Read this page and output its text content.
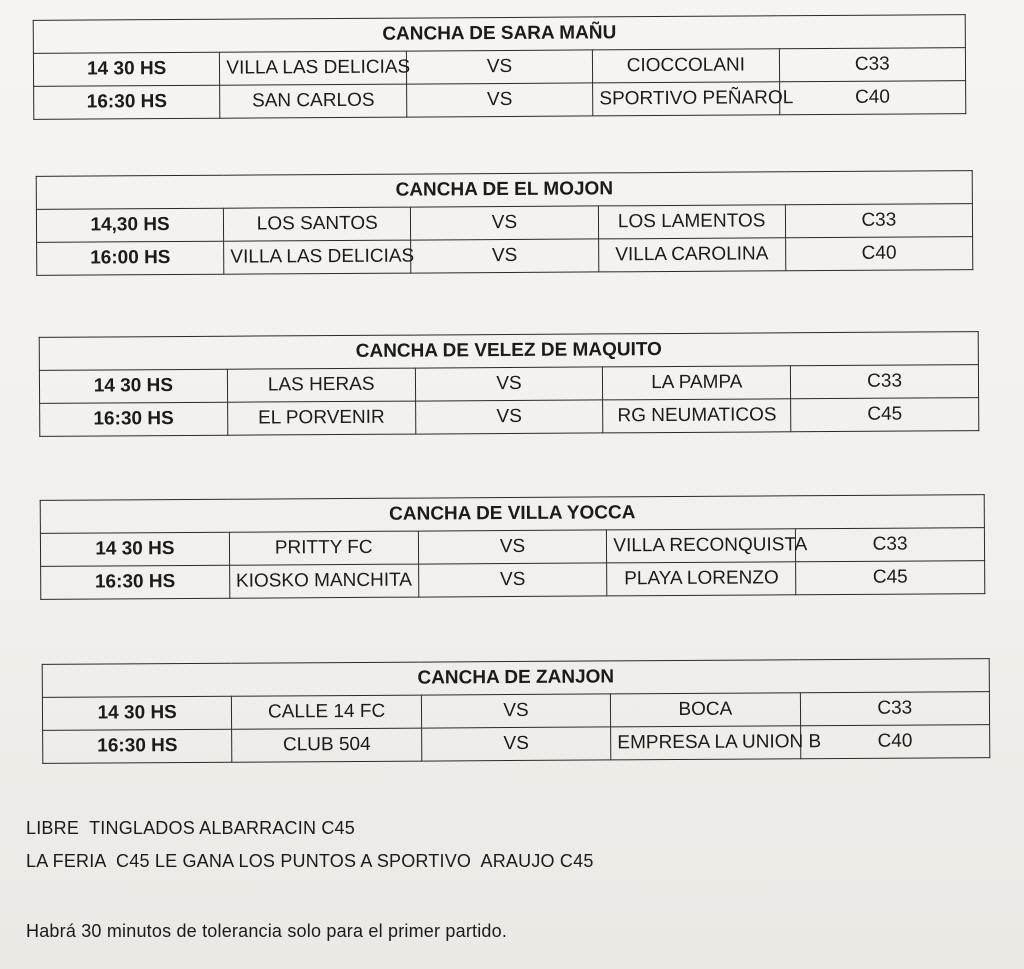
CANCHA DE SARA MAÑU				
14 30 HS	VILLA LAS DELICIAS	VS	CIOCCOLANI	C33
16:30 HS	SAN CARLOS	VS	SPORTIVO PEÑAROL	C40
CANCHA DE EL MOJON				
14,30 HS	LOS SANTOS	VS	LOS LAMENTOS	C33
16:00 HS	VILLA LAS DELICIAS	VS	VILLA CAROLINA	C40
CANCHA DE VELEZ DE MAQUITO				
14 30 HS	LAS HERAS	VS	LA PAMPA	C33
16:30 HS	EL PORVENIR	VS	RG NEUMATICOS	C45
CANCHA DE VILLA YOCCA				
14 30 HS	PRITTY FC	VS	VILLA RECONQUISTA	C33
16:30 HS	KIOSKO MANCHITA	VS	PLAYA LORENZO	C45
CANCHA DE ZANJON				
14 30 HS	CALLE 14 FC	VS	BOCA	C33
16:30 HS	CLUB 504	VS	EMPRESA LA UNION B	C40
LIBRE  TINGLADOS ALBARRACIN C45
LA FERIA  C45 LE GANA LOS PUNTOS A SPORTIVO  ARAUJO C45
Habrá 30 minutos de tolerancia solo para el primer partido.
